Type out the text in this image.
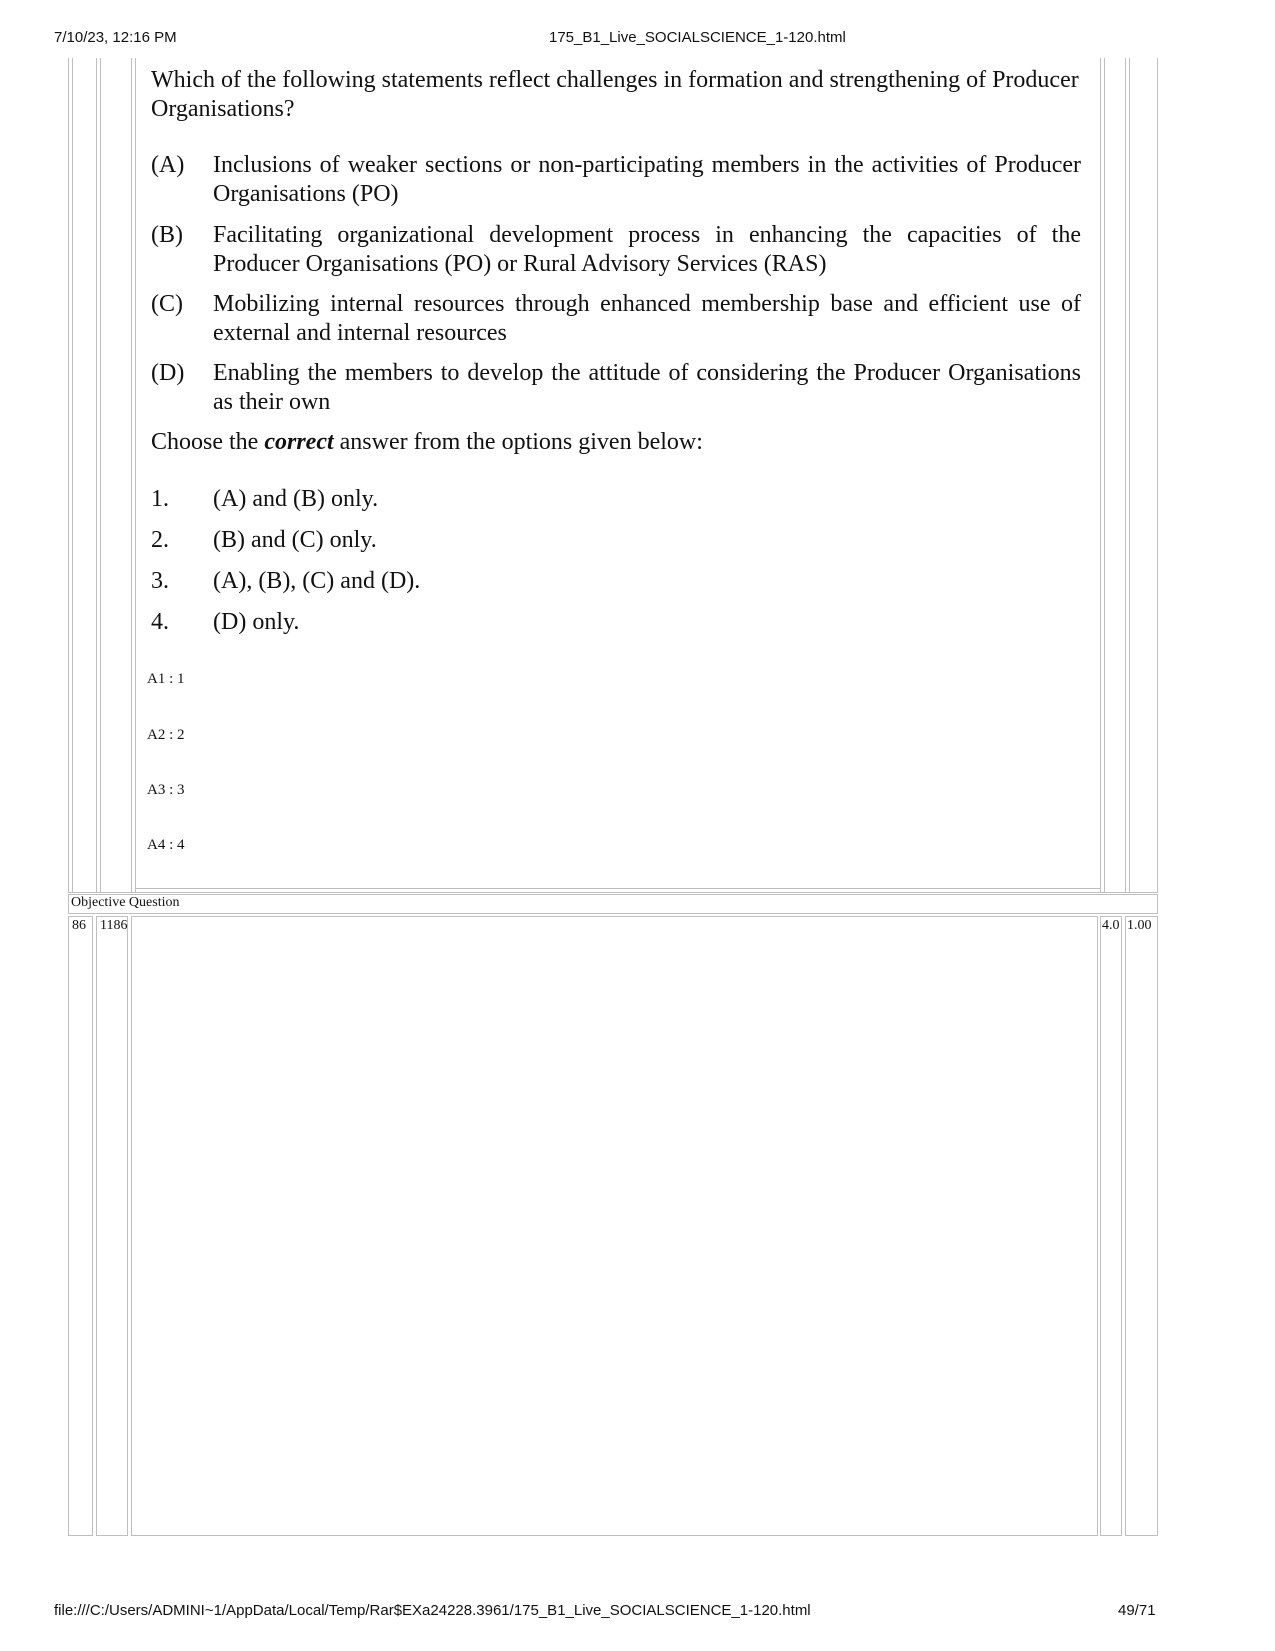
7/10/23, 12:16 PM	175_B1_Live_SOCIALSCIENCE_1-120.html
Which of the following statements reflect challenges in formation and strengthening of Producer Organisations?
(A)	Inclusions of weaker sections or non-participating members in the activities of Producer Organisations (PO)
(B)	Facilitating organizational development process in enhancing the capacities of the Producer Organisations (PO) or Rural Advisory Services (RAS)
(C)	Mobilizing internal resources through enhanced membership base and efficient use of external and internal resources
(D)	Enabling the members to develop the attitude of considering the Producer Organisations as their own
Choose the correct answer from the options given below:
1.	(A) and (B) only.
2.	(B) and (C) only.
3.	(A), (B), (C) and (D).
4.	(D) only.
A1 : 1
A2 : 2
A3 : 3
A4 : 4
Objective Question
86 1186	4.0 1.00
file:///C:/Users/ADMINI~1/AppData/Local/Temp/Rar$EXa24228.3961/175_B1_Live_SOCIALSCIENCE_1-120.html	49/71
